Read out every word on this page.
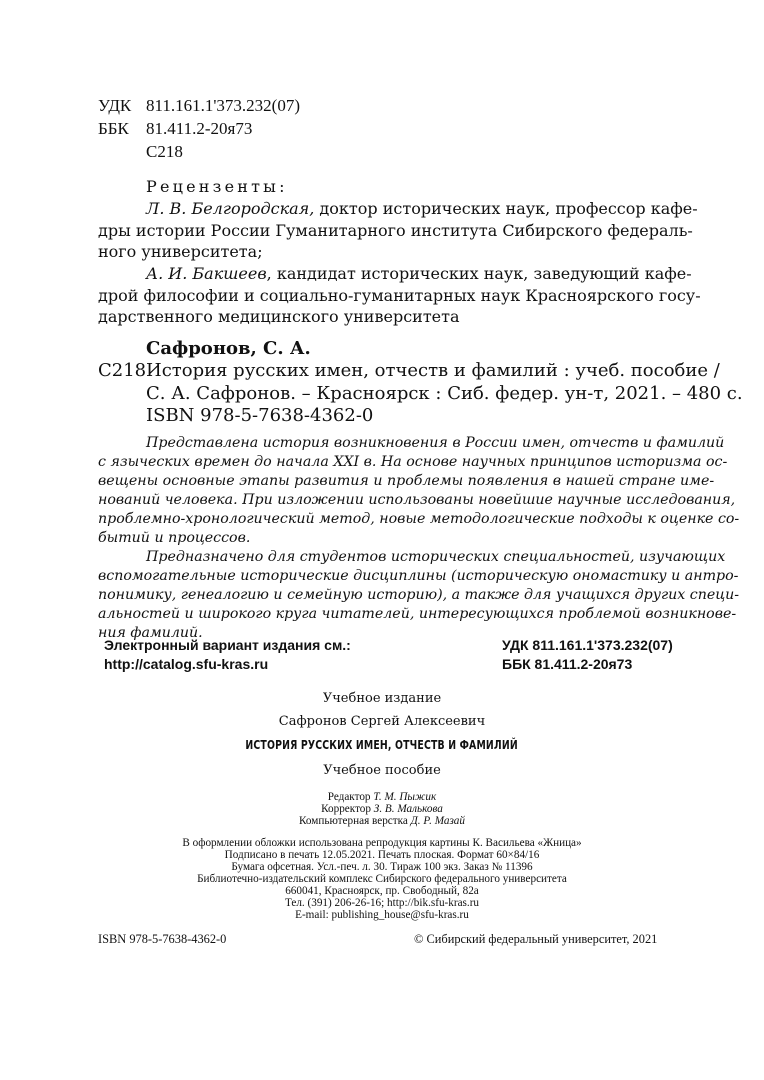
УДК 811.161.1'373.232(07)
ББК 81.411.2-20я73
С218
Рецензенты:
Л. В. Белгородская, доктор исторических наук, профессор кафе-
дры истории России Гуманитарного института Сибирского федераль-
ного университета;
А. И. Бакшеев, кандидат исторических наук, заведующий кафе-
дрой философии и социально-гуманитарных наук Красноярского госу-
дарственного медицинского университета
Сафронов, С. А.
С218 История русских имен, отчеств и фамилий : учеб. пособие /
С. А. Сафронов. – Красноярск : Сиб. федер. ун-т, 2021. – 480 с.
ISBN 978-5-7638-4362-0
Представлена история возникновения в России имен, отчеств и фамилий
с языческих времен до начала XXI в. На основе научных принципов историзма ос-
вещены основные этапы развития и проблемы появления в нашей стране име-
нований человека. При изложении использованы новейшие научные исследования,
проблемно-хронологический метод, новые методологические подходы к оценке со-
бытий и процессов.
Предназначено для студентов исторических специальностей, изучающих
вспомогательные исторические дисциплины (историческую ономастику и антро-
понимику, генеалогию и семейную историю), а также для учащихся других специ-
альностей и широкого круга читателей, интересующихся проблемой возникнове-
ния фамилий.
Электронный вариант издания см.:
http://catalog.sfu-kras.ru
УДК 811.161.1'373.232(07)
ББК 81.411.2-20я73
Учебное издание
Сафронов Сергей Алексеевич
ИСТОРИЯ РУССКИХ ИМЕН, ОТЧЕСТВ И ФАМИЛИЙ
Учебное пособие
Редактор Т. М. Пыжик
Корректор З. В. Малькова
Компьютерная верстка Д. Р. Мазай
В оформлении обложки использована репродукция картины К. Васильева «Жница»
Подписано в печать 12.05.2021. Печать плоская. Формат 60×84/16
Бумага офсетная. Усл.-печ. л. 30. Тираж 100 экз. Заказ № 11396
Библиотечно-издательский комплекс Сибирского федерального университета
660041, Красноярск, пр. Свободный, 82а
Тел. (391) 206-26-16; http://bik.sfu-kras.ru
E-mail: publishing_house@sfu-kras.ru
ISBN 978-5-7638-4362-0	© Сибирский федеральный университет, 2021
